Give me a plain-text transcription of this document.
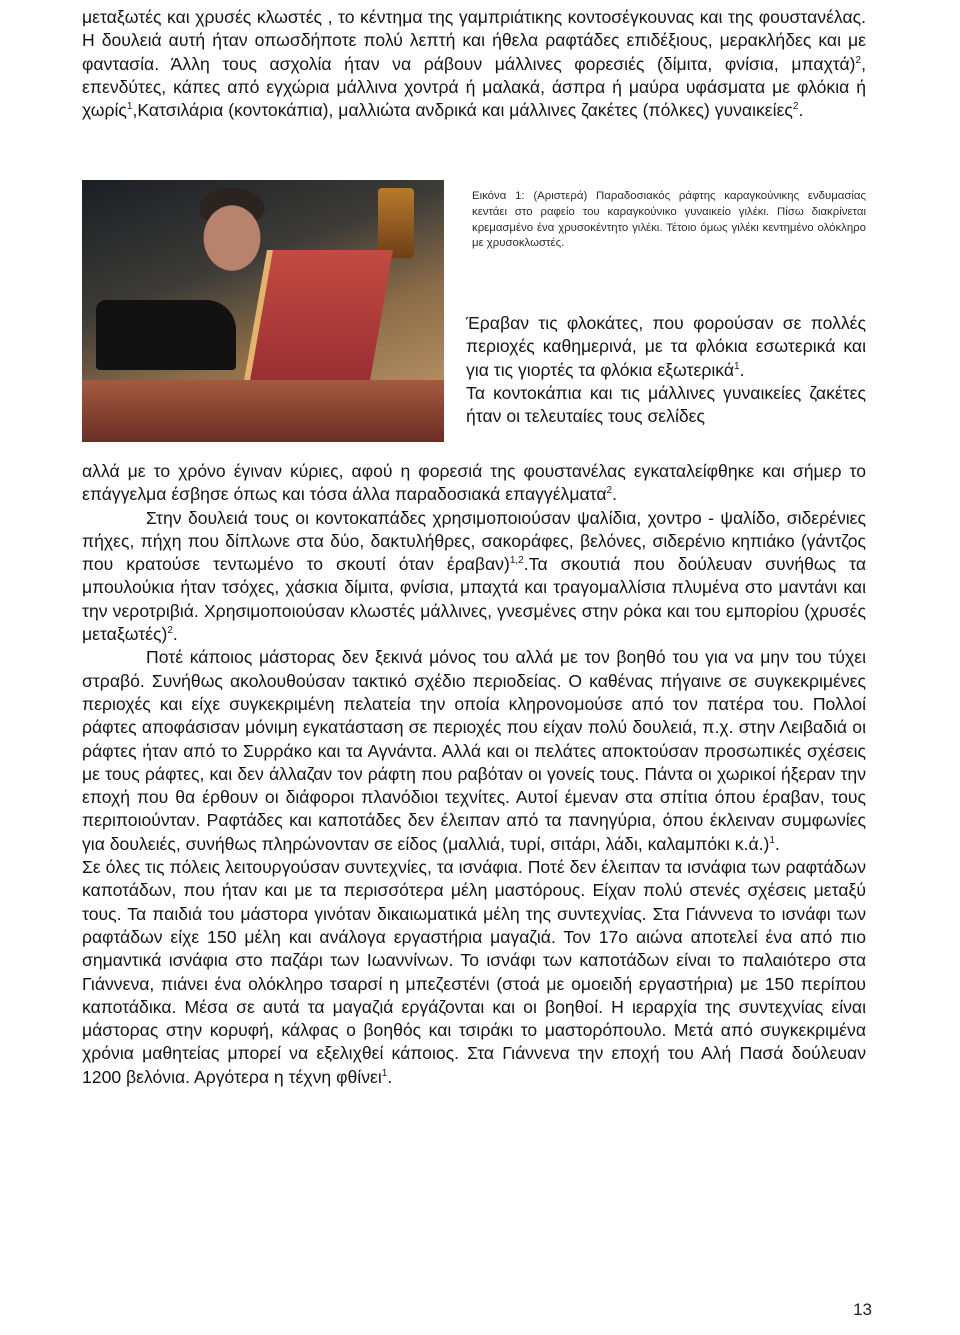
μεταξωτές και χρυσές κλωστές , το κέντημα της γαμπριάτικης κοντοσέγκουνας και της φουστανέλας. Η δουλειά αυτή ήταν οπωσδήποτε πολύ λεπτή και ήθελα ραφτάδες επιδέξιους, μερακλήδες και με φαντασία. Άλλη τους ασχολία ήταν να ράβουν μάλλινες φορεσιές (δίμιτα, φνίσια, μπαχτά)$^2$, επενδύτες, κάπες από εγχώρια μάλλινα χοντρά ή μαλακά, άσπρα ή μαύρα υφάσματα με φλόκια ή χωρίς$^1$,Κατσιλάρια (κοντοκάπια), μαλλιώτα ανδρικά και μάλλινες ζακέτες (πόλκες) γυναικείες$^2$.

Εικόνα 1: (Αριστερά) Παραδοσιακός ράφτης καραγκούνικης ενδυμασίας κεντάει στο ραφείο του καραγκούνικο γυναικείο γιλέκι. Πίσω διακρίνεται κρεμασμένο ένα χρυσοκέντητο γιλέκι. Τέτοιο όμως γιλέκι κεντημένο ολόκληρο με χρυσοκλωστές.

Έραβαν τις φλοκάτες, που φορούσαν σε πολλές περιοχές καθημερινά, με τα φλόκια εσωτερικά και για τις γιορτές τα φλόκια εξωτερικά$^1$.

Τα κοντοκάπια και τις μάλλινες γυναικείες ζακέτες ήταν οι τελευταίες τους σελίδες

αλλά με το χρόνο έγιναν κύριες, αφού η φορεσιά της φουστανέλας εγκαταλείφθηκε και σήμερ το επάγγελμα έσβησε όπως και τόσα άλλα παραδοσιακά επαγγέλματα$^2$.

Στην δουλειά τους οι κοντοκαπάδες χρησιμοποιούσαν ψαλίδια, χοντρο - ψαλίδο, σιδερένιες πήχες, πήχη που δίπλωνε στα δύο, δακτυλήθρες, σακοράφες, βελόνες, σιδερένιο κηπιάκο (γάντζος που κρατούσε τεντωμένο το σκουτί όταν έραβαν)$^{1,2}$.Τα σκουτιά που δούλευαν συνήθως τα μπουλούκια ήταν τσόχες, χάσκια δίμιτα, φνίσια, μπαχτά και τραγομαλλίσια πλυμένα στο μαντάνι και την νεροτριβιά. Χρησιμοποιούσαν κλωστές μάλλινες, γνεσμένες στην ρόκα και του εμπορίου (χρυσές μεταξωτές)$^2$.

Ποτέ κάποιος μάστορας δεν ξεκινά μόνος του αλλά με τον βοηθό του για να μην του τύχει στραβό. Συνήθως ακολουθούσαν τακτικό σχέδιο περιοδείας. Ο καθένας πήγαινε σε συγκεκριμένες περιοχές και είχε συγκεκριμένη πελατεία την οποία κληρονομούσε από τον πατέρα του. Πολλοί ράφτες αποφάσισαν μόνιμη εγκατάσταση σε περιοχές που είχαν πολύ δουλειά, π.χ. στην Λειβαδιά οι ράφτες ήταν από το Συρράκο και τα Αγνάντα. Αλλά και οι πελάτες αποκτούσαν προσωπικές σχέσεις με τους ράφτες, και δεν άλλαζαν τον ράφτη που ραβόταν οι γονείς τους. Πάντα οι χωρικοί ήξεραν την εποχή που θα έρθουν οι διάφοροι πλανόδιοι τεχνίτες. Αυτοί έμεναν στα σπίτια όπου έραβαν, τους περιποιούνταν. Ραφτάδες και καποτάδες δεν έλειπαν από τα πανηγύρια, όπου έκλειναν συμφωνίες για δουλειές, συνήθως πληρώνονταν σε είδος (μαλλιά, τυρί, σιτάρι, λάδι, καλαμπόκι κ.ά.)$^1$.

Σε όλες τις πόλεις λειτουργούσαν συντεχνίες, τα ισνάφια. Ποτέ δεν έλειπαν τα ισνάφια των ραφτάδων καποτάδων, που ήταν και με τα περισσότερα μέλη μαστόρους. Είχαν πολύ στενές σχέσεις μεταξύ τους. Τα παιδιά του μάστορα γινόταν δικαιωματικά μέλη της συντεχνίας. Στα Γιάννενα το ισνάφι των ραφτάδων είχε 150 μέλη και ανάλογα εργαστήρια μαγαζιά. Τον 17ο αιώνα αποτελεί ένα από πιο σημαντικά ισνάφια στο παζάρι των Ιωαννίνων. Το ισνάφι των καποτάδων είναι το παλαιότερο στα Γιάννενα, πιάνει ένα ολόκληρο τσαρσί η μπεζεστένι (στοά με ομοειδή εργαστήρια) με 150 περίπου καποτάδικα. Μέσα σε αυτά τα μαγαζιά εργάζονται και οι βοηθοί. Η ιεραρχία της συντεχνίας είναι μάστορας στην κορυφή, κάλφας ο βοηθός και τσιράκι το μαστορόπουλο. Μετά από συγκεκριμένα χρόνια μαθητείας μπορεί να εξελιχθεί κάποιος. Στα Γιάννενα την εποχή του Αλή Πασά δούλευαν 1200 βελόνια. Αργότερα η τέχνη φθίνει$^1$.

13
